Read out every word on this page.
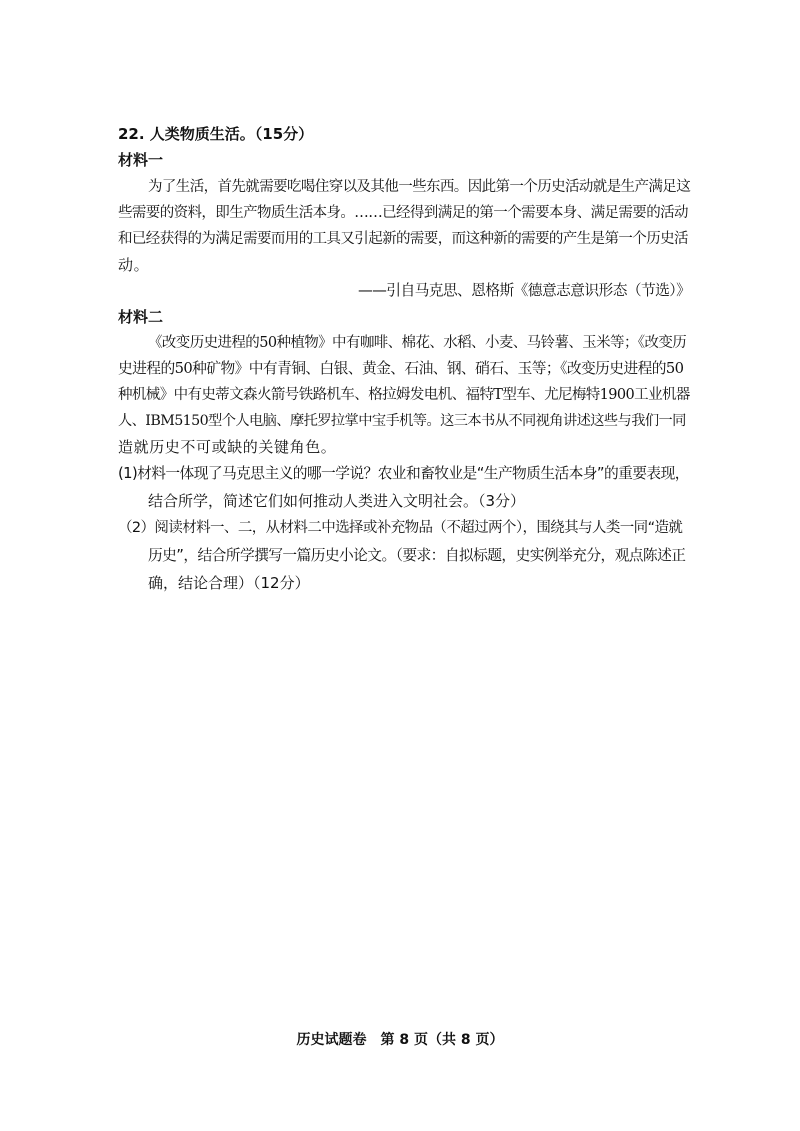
22. 人类物质生活。（15分）
材料一
为了生活，首先就需要吃喝住穿以及其他一些东西。因此第一个历史活动就是生产满足这
些需要的资料，即生产物质生活本身。……已经得到满足的第一个需要本身、满足需要的活动
和已经获得的为满足需要而用的工具又引起新的需要，而这种新的需要的产生是第一个历史活
动。
——引自马克思、恩格斯《德意志意识形态（节选）》
材料二
《改变历史进程的50种植物》中有咖啡、棉花、水稻、小麦、马铃薯、玉米等；《改变历
史进程的50种矿物》中有青铜、白银、黄金、石油、钢、硝石、玉等；《改变历史进程的50
种机械》中有史蒂文森火箭号铁路机车、格拉姆发电机、福特T型车、尤尼梅特1900工业机器
人、IBM5150型个人电脑、摩托罗拉掌中宝手机等。这三本书从不同视角讲述这些与我们一同
造就历史不可或缺的关键角色。
(1)材料一体现了马克思主义的哪一学说？农业和畜牧业是“生产物质生活本身”的重要表现，
结合所学，简述它们如何推动人类进入文明社会。（3分）
（2）阅读材料一、二，从材料二中选择或补充物品（不超过两个），围绕其与人类一同“造就
历史”，结合所学撰写一篇历史小论文。（要求：自拟标题，史实例举充分，观点陈述正
确，结论合理）（12分）
历史试题卷　第 8 页（共 8 页）
